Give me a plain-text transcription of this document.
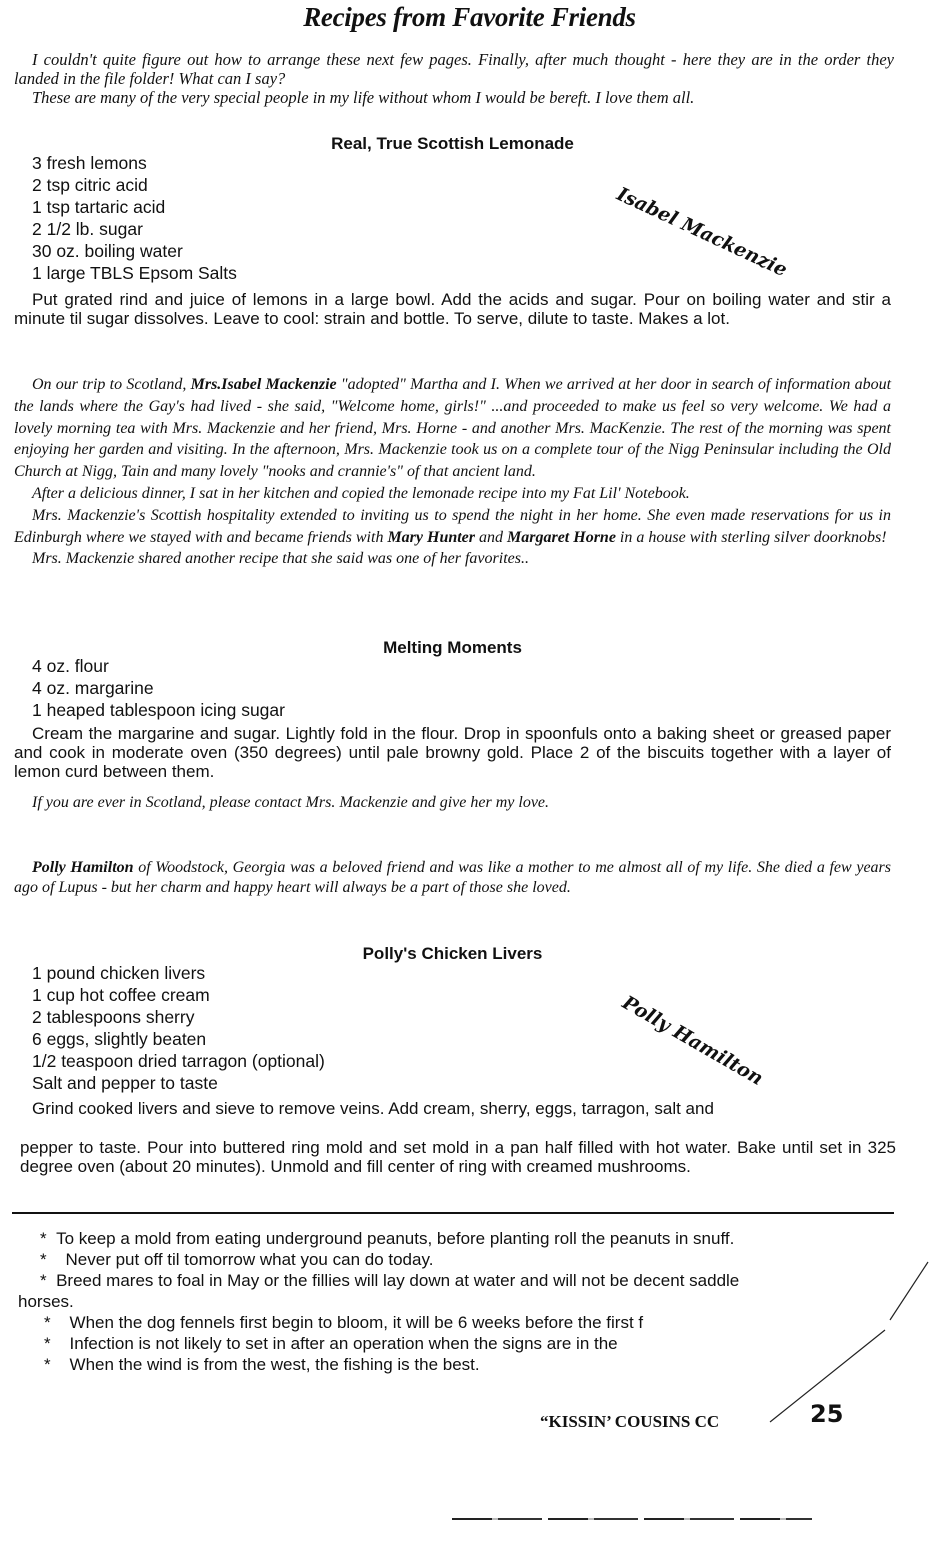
Recipes from Favorite Friends

I couldn't quite figure out how to arrange these next few pages. Finally, after much thought - here they are in the order they landed in the file folder! What can I say?

These are many of the very special people in my life without whom I would be bereft. I love them all.

Real, True Scottish Lemonade
3 fresh lemons
2 tsp citric acid
1 tsp tartaric acid
2 1/2 lb. sugar
30 oz. boiling water
1 large TBLS Epsom Salts	Isabel Mackenzie

Put grated rind and juice of lemons in a large bowl. Add the acids and sugar. Pour on boiling water and stir a minute til sugar dissolves. Leave to cool: strain and bottle. To serve, dilute to taste. Makes a lot.

On our trip to Scotland, Mrs.Isabel Mackenzie "adopted" Martha and I. When we arrived at her door in search of information about the lands where the Gay's had lived - she said, "Welcome home, girls!" ...and proceeded to make us feel so very welcome. We had a lovely morning tea with Mrs. Mackenzie and her friend, Mrs. Horne - and another Mrs. MacKenzie. The rest of the morning was spent enjoying her garden and visiting. In the afternoon, Mrs. Mackenzie took us on a complete tour of the Nigg Peninsular including the Old Church at Nigg, Tain and many lovely "nooks and crannie's" of that ancient land.

After a delicious dinner, I sat in her kitchen and copied the lemonade recipe into my Fat Lil' Notebook.

Mrs. Mackenzie's Scottish hospitality extended to inviting us to spend the night in her home. She even made reservations for us in Edinburgh where we stayed with and became friends with Mary Hunter and Margaret Horne in a house with sterling silver doorknobs!

Mrs. Mackenzie shared another recipe that she said was one of her favorites..

Melting Moments
4 oz. flour
4 oz. margarine
1 heaped tablespoon icing sugar

Cream the margarine and sugar. Lightly fold in the flour. Drop in spoonfuls onto a baking sheet or greased paper and cook in moderate oven (350 degrees) until pale browny gold. Place 2 of the biscuits together with a layer of lemon curd between them.

If you are ever in Scotland, please contact Mrs. Mackenzie and give her my love.

Polly Hamilton of Woodstock, Georgia was a beloved friend and was like a mother to me almost all of my life. She died a few years ago of Lupus - but her charm and happy heart will always be a part of those she loved.

Polly's Chicken Livers
1 pound chicken livers
1 cup hot coffee cream
2 tablespoons sherry
6 eggs, slightly beaten
1/2 teaspoon dried tarragon (optional)
Salt and pepper to taste	Polly Hamilton

Grind cooked livers and sieve to remove veins. Add cream, sherry, eggs, tarragon, salt and

pepper to taste. Pour into buttered ring mold and set mold in a pan half filled with hot water. Bake until set in 325 degree oven (about 20 minutes). Unmold and fill center of ring with creamed mushrooms.

* To keep a mold from eating underground peanuts, before planting roll the peanuts in snuff.
* Never put off til tomorrow what you can do today.
* Breed mares to foal in May or the fillies will lay down at water and will not be decent saddle
horses.
* When the dog fennels first begin to bloom, it will be 6 weeks before the first f
* Infection is not likely to set in after an operation when the signs are in the
* When the wind is from the west, the fishing is the best.
“KISSIN’ COUSINS CC	25
